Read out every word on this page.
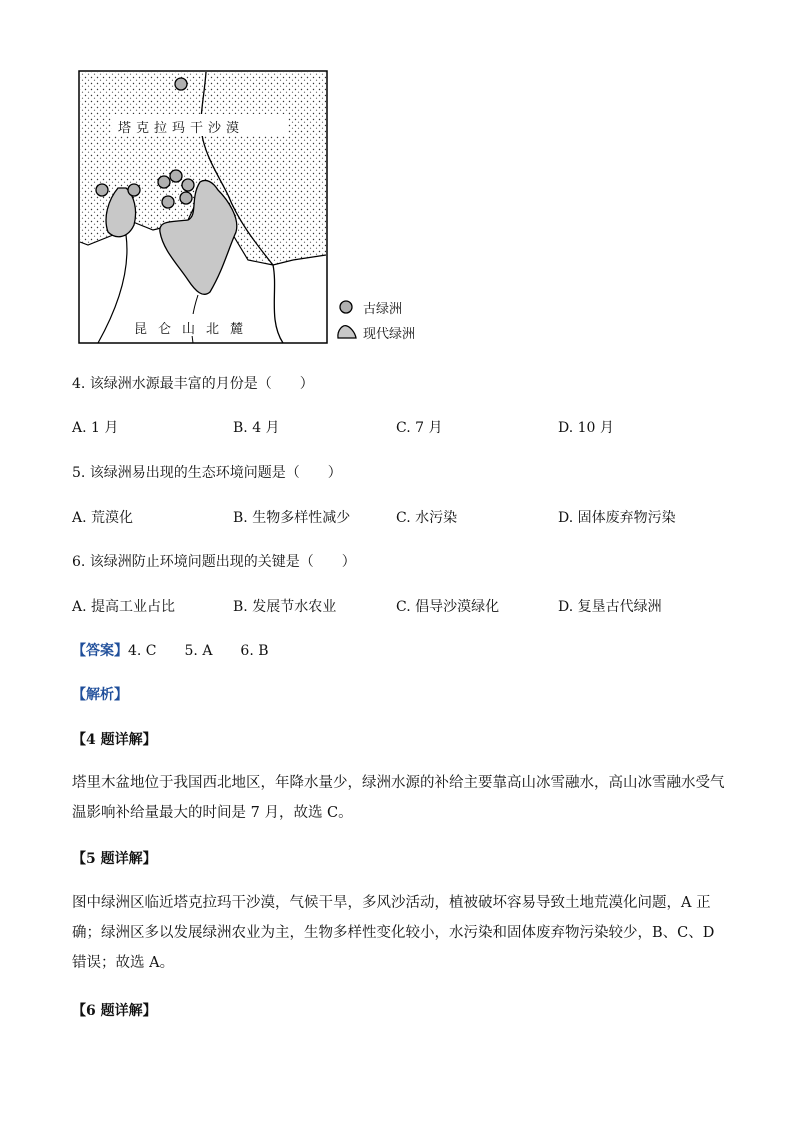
塔克拉玛干沙漠
昆仑山北麓
古绿洲
现代绿洲
4. 该绿洲水源最丰富的月份是（　　）
A. 1 月	B. 4 月	C. 7 月	D. 10 月
5. 该绿洲易出现的生态环境问题是（　　）
A. 荒漠化	B. 生物多样性减少	C. 水污染	D. 固体废弃物污染
6. 该绿洲防止环境问题出现的关键是（　　）
A. 提高工业占比	B. 发展节水农业	C. 倡导沙漠绿化	D. 复垦古代绿洲
【答案】4. C　　5. A　　6. B
【解析】
【4 题详解】
塔里木盆地位于我国西北地区，年降水量少，绿洲水源的补给主要靠高山冰雪融水，高山冰雪融水受气温影响补给量最大的时间是 7 月，故选 C。
【5 题详解】
图中绿洲区临近塔克拉玛干沙漠，气候干旱，多风沙活动，植被破坏容易导致土地荒漠化问题，A 正确；绿洲区多以发展绿洲农业为主，生物多样性变化较小，水污染和固体废弃物污染较少，B、C、D 错误；故选 A。
【6 题详解】
